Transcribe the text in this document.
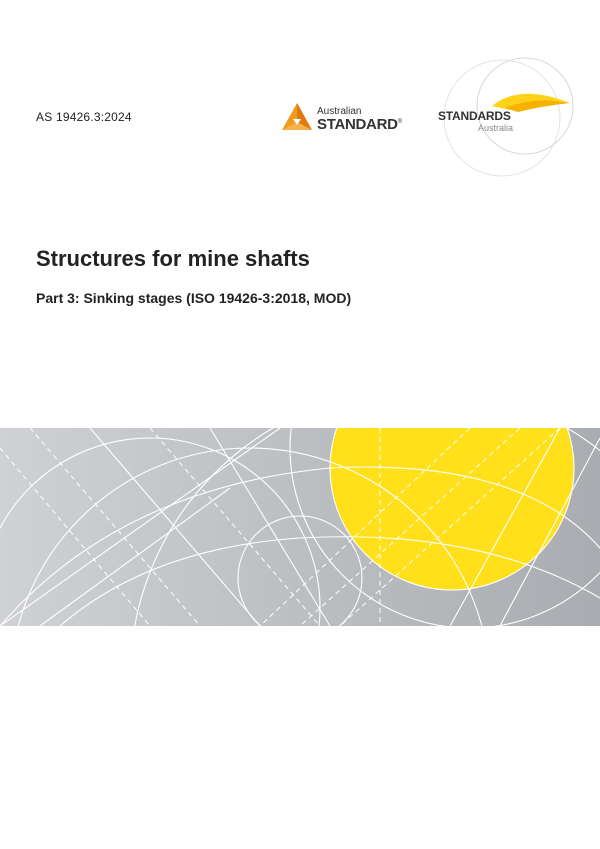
AS 19426.3:2024	Australian
STANDARD®	STANDARDS
Australia
Structures for mine shafts
Part 3: Sinking stages (ISO 19426-3:2018, MOD)
